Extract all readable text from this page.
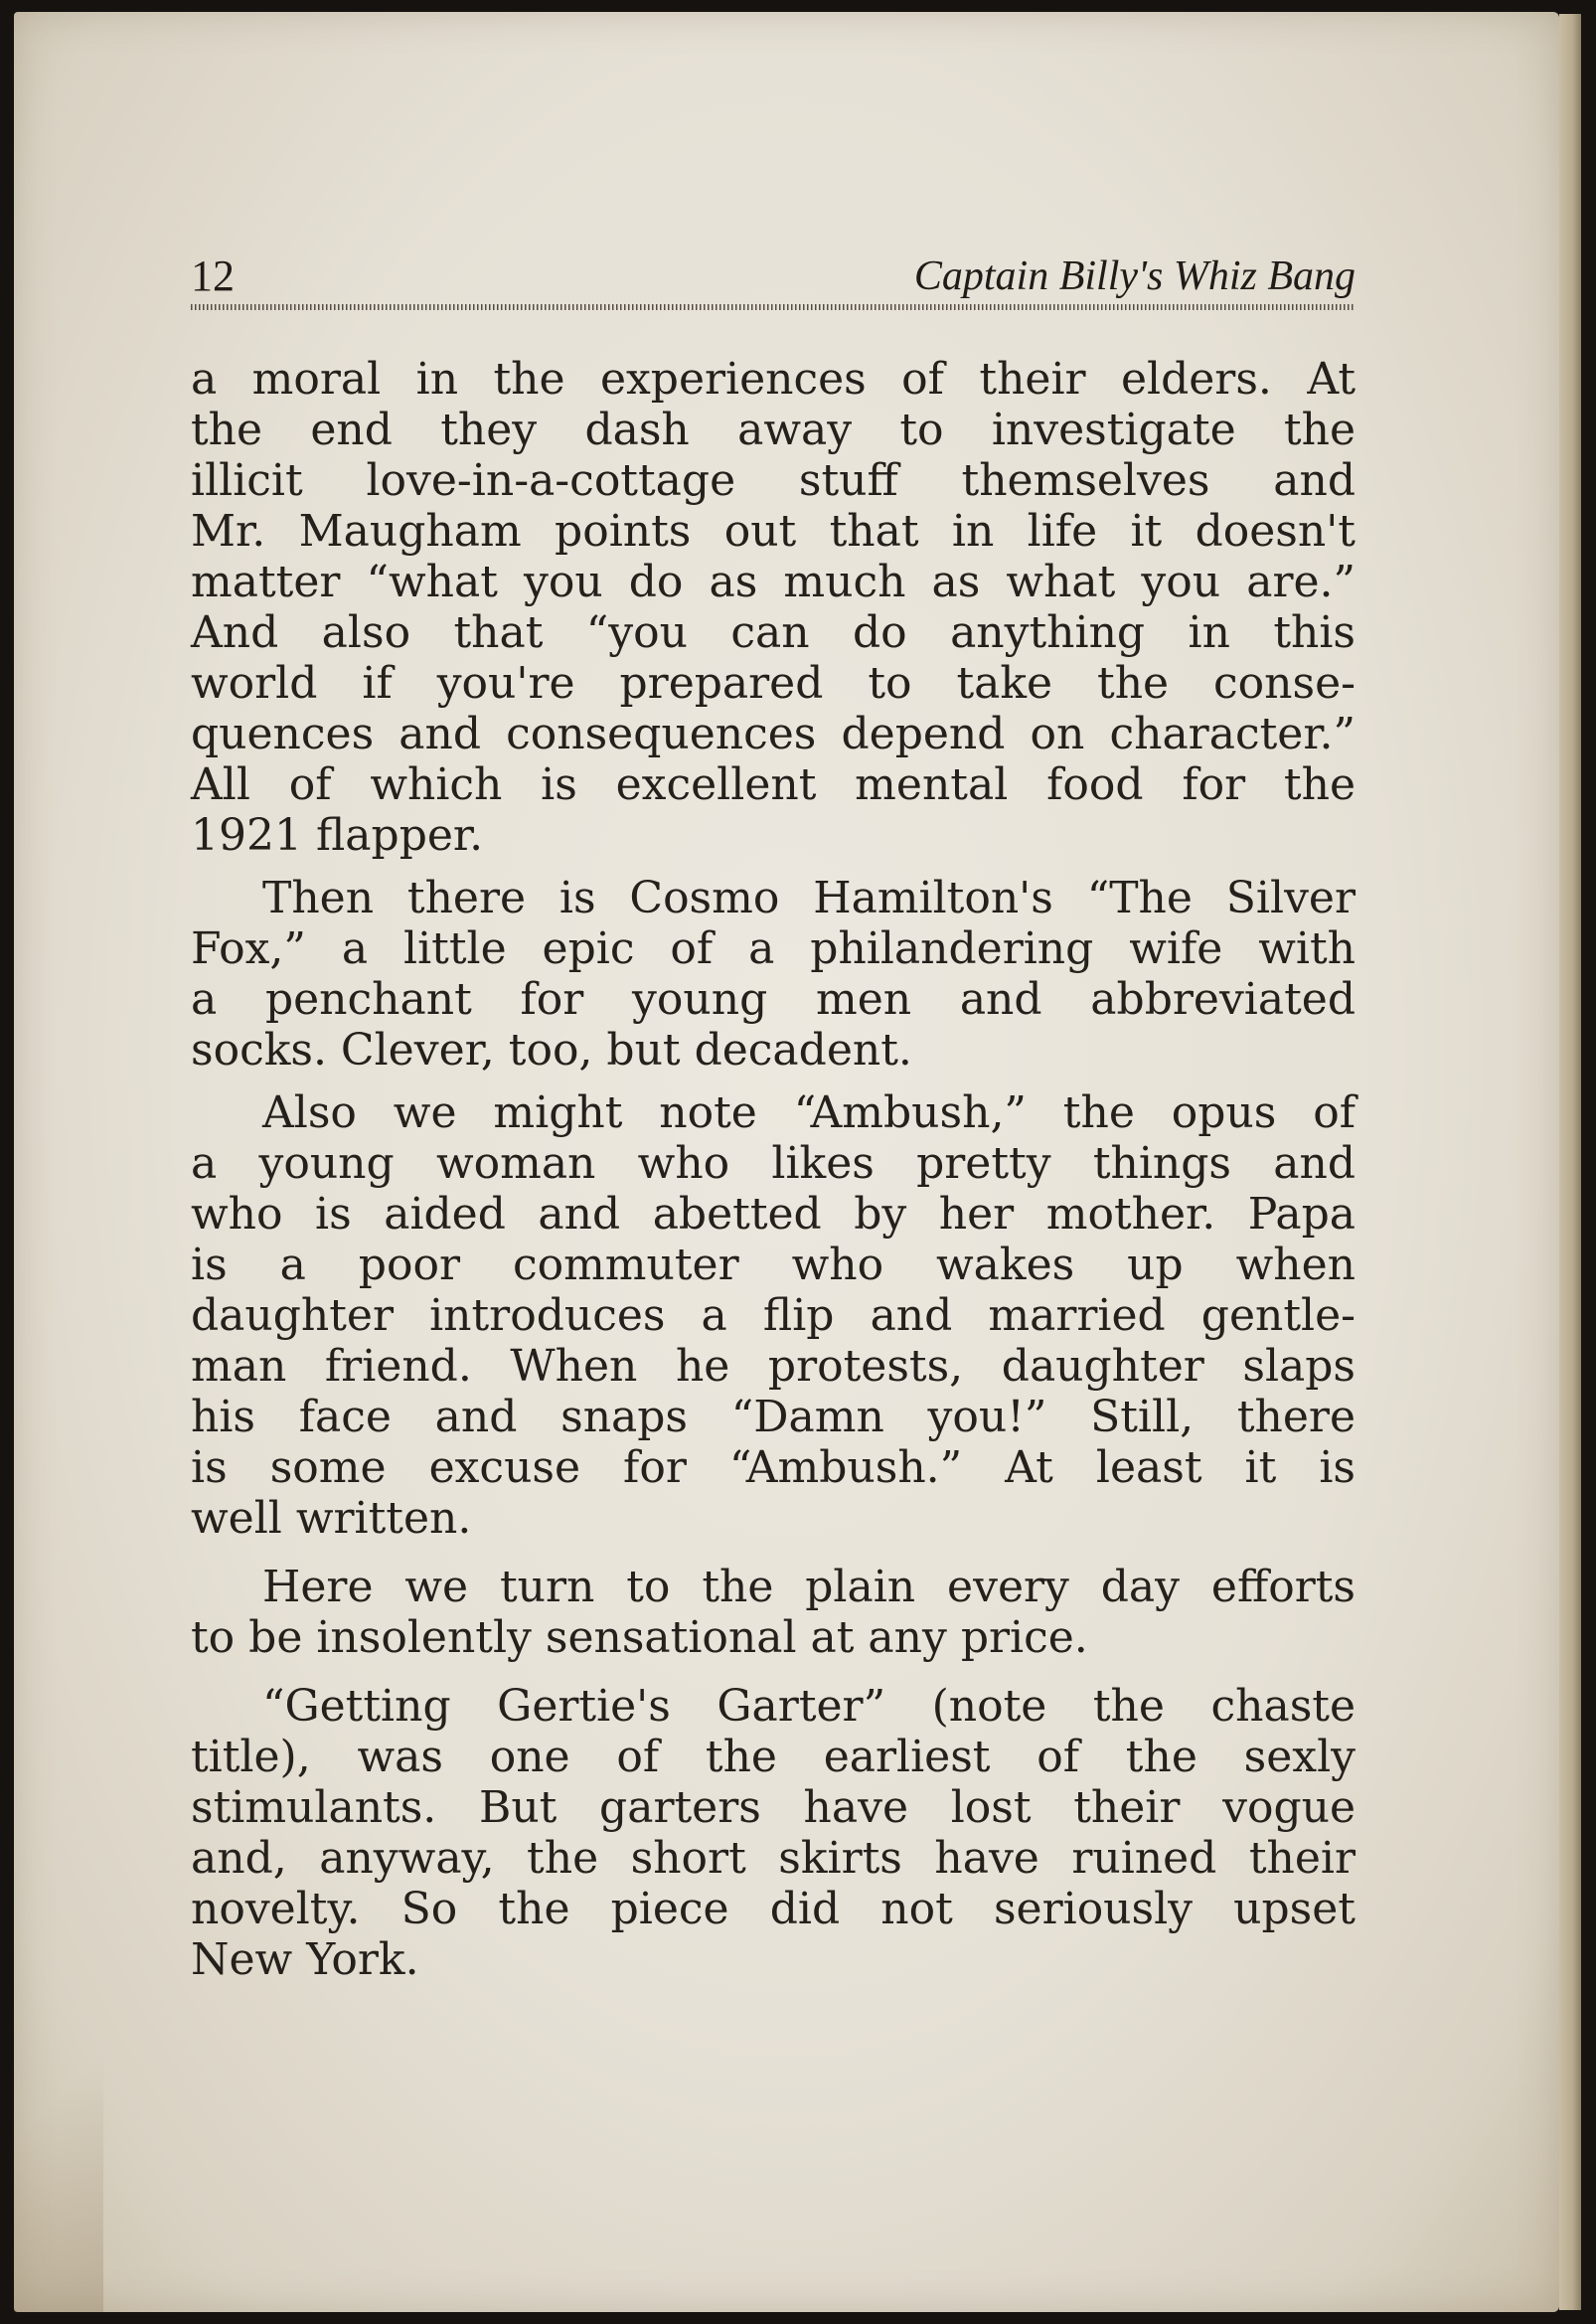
12	Captain Billy's Whiz Bang
a moral in the experiences of their elders. At
the end they dash away to investigate the
illicit love-in-a-cottage stuff themselves and
Mr. Maugham points out that in life it doesn't
matter “what you do as much as what you are.”
And also that “you can do anything in this
world if you're prepared to take the conse-
quences and consequences depend on character.”
All of which is excellent mental food for the
1921 flapper.
Then there is Cosmo Hamilton's “The Silver
Fox,” a little epic of a philandering wife with
a penchant for young men and abbreviated
socks. Clever, too, but decadent.
Also we might note “Ambush,” the opus of
a young woman who likes pretty things and
who is aided and abetted by her mother. Papa
is a poor commuter who wakes up when
daughter introduces a flip and married gentle-
man friend. When he protests, daughter slaps
his face and snaps “Damn you!” Still, there
is some excuse for “Ambush.” At least it is
well written.
Here we turn to the plain every day efforts
to be insolently sensational at any price.
“Getting Gertie's Garter” (note the chaste
title), was one of the earliest of the sexly
stimulants. But garters have lost their vogue
and, anyway, the short skirts have ruined their
novelty. So the piece did not seriously upset
New York.
